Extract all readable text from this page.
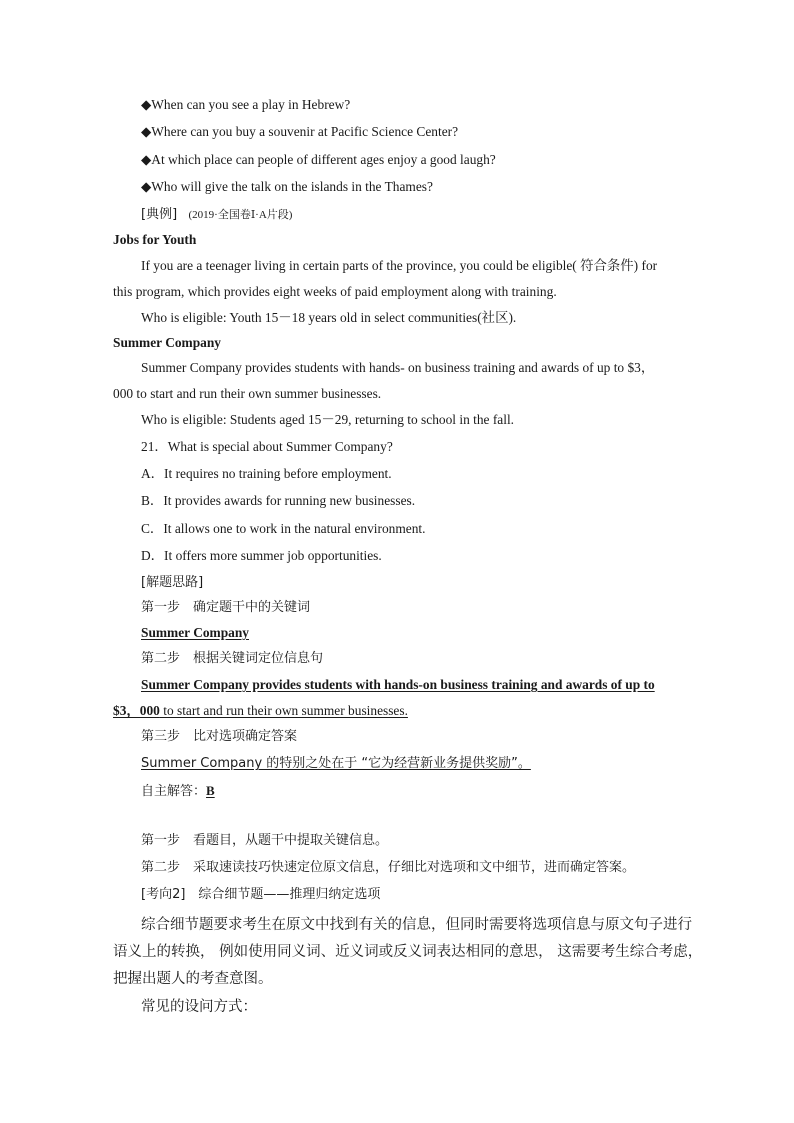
◆When can you see a play in Hebrew?
◆Where can you buy a souvenir at Pacific Science Center?
◆At which place can people of different ages enjoy a good laugh?
◆Who will give the talk on the islands in the Thames?
[典例] (2019·全国卷Ⅰ·A片段)
Jobs for Youth
If you are a teenager living in certain parts of the province, you could be eligible( 符合条件) for
this program, which provides eight weeks of paid employment along with training.
Who is eligible: Youth 15－18 years old in select communities(社区).
Summer Company
Summer Company provides students with hands- on business training and awards of up to $3，
000 to start and run their own summer businesses.
Who is eligible: Students aged 15－29, returning to school in the fall.
21．What is special about Summer Company?
A．It requires no training before employment.
B．It provides awards for running new businesses.
C．It allows one to work in the natural environment.
D．It offers more summer job opportunities.
[解题思路]
第一步　确定题干中的关键词
Summer Company
第二步　根据关键词定位信息句
Summer Company provides students with hands-on business training and awards of up to
$3，000 to start and run their own summer businesses.
第三步　比对选项确定答案
Summer Company 的特别之处在于 “它为经营新业务提供奖励”。
自主解答：B
第一步　看题目，从题干中提取关键信息。
第二步　采取速读技巧快速定位原文信息，仔细比对选项和文中细节，进而确定答案。
[考向2]　综合细节题——推理归纳定选项
综合细节题要求考生在原文中找到有关的信息，但同时需要将选项信息与原文句子进行
语义上的转换， 例如使用同义词、近义词或反义词表达相同的意思， 这需要考生综合考虑，
把握出题人的考查意图。
常见的设问方式：
